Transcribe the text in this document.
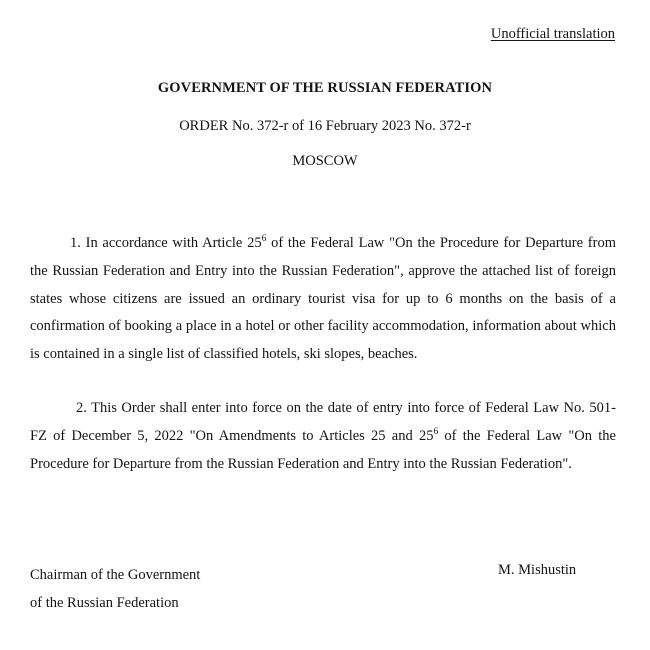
Unofficial translation
GOVERNMENT OF THE RUSSIAN FEDERATION
ORDER No. 372-r of 16 February 2023 No. 372-r
MOSCOW
1. In accordance with Article $25^6$ of the Federal Law "On the Procedure for Departure from the Russian Federation and Entry into the Russian Federation", approve the attached list of foreign states whose citizens are issued an ordinary tourist visa for up to 6 months on the basis of a confirmation of booking a place in a hotel or other facility accommodation, information about which is contained in a single list of classified hotels, ski slopes, beaches.
2. This Order shall enter into force on the date of entry into force of Federal Law No. 501-FZ of December 5, 2022 "On Amendments to Articles 25 and $25^6$ of the Federal Law "On the Procedure for Departure from the Russian Federation and Entry into the Russian Federation".
Chairman of the Government
of the Russian Federation
M. Mishustin
